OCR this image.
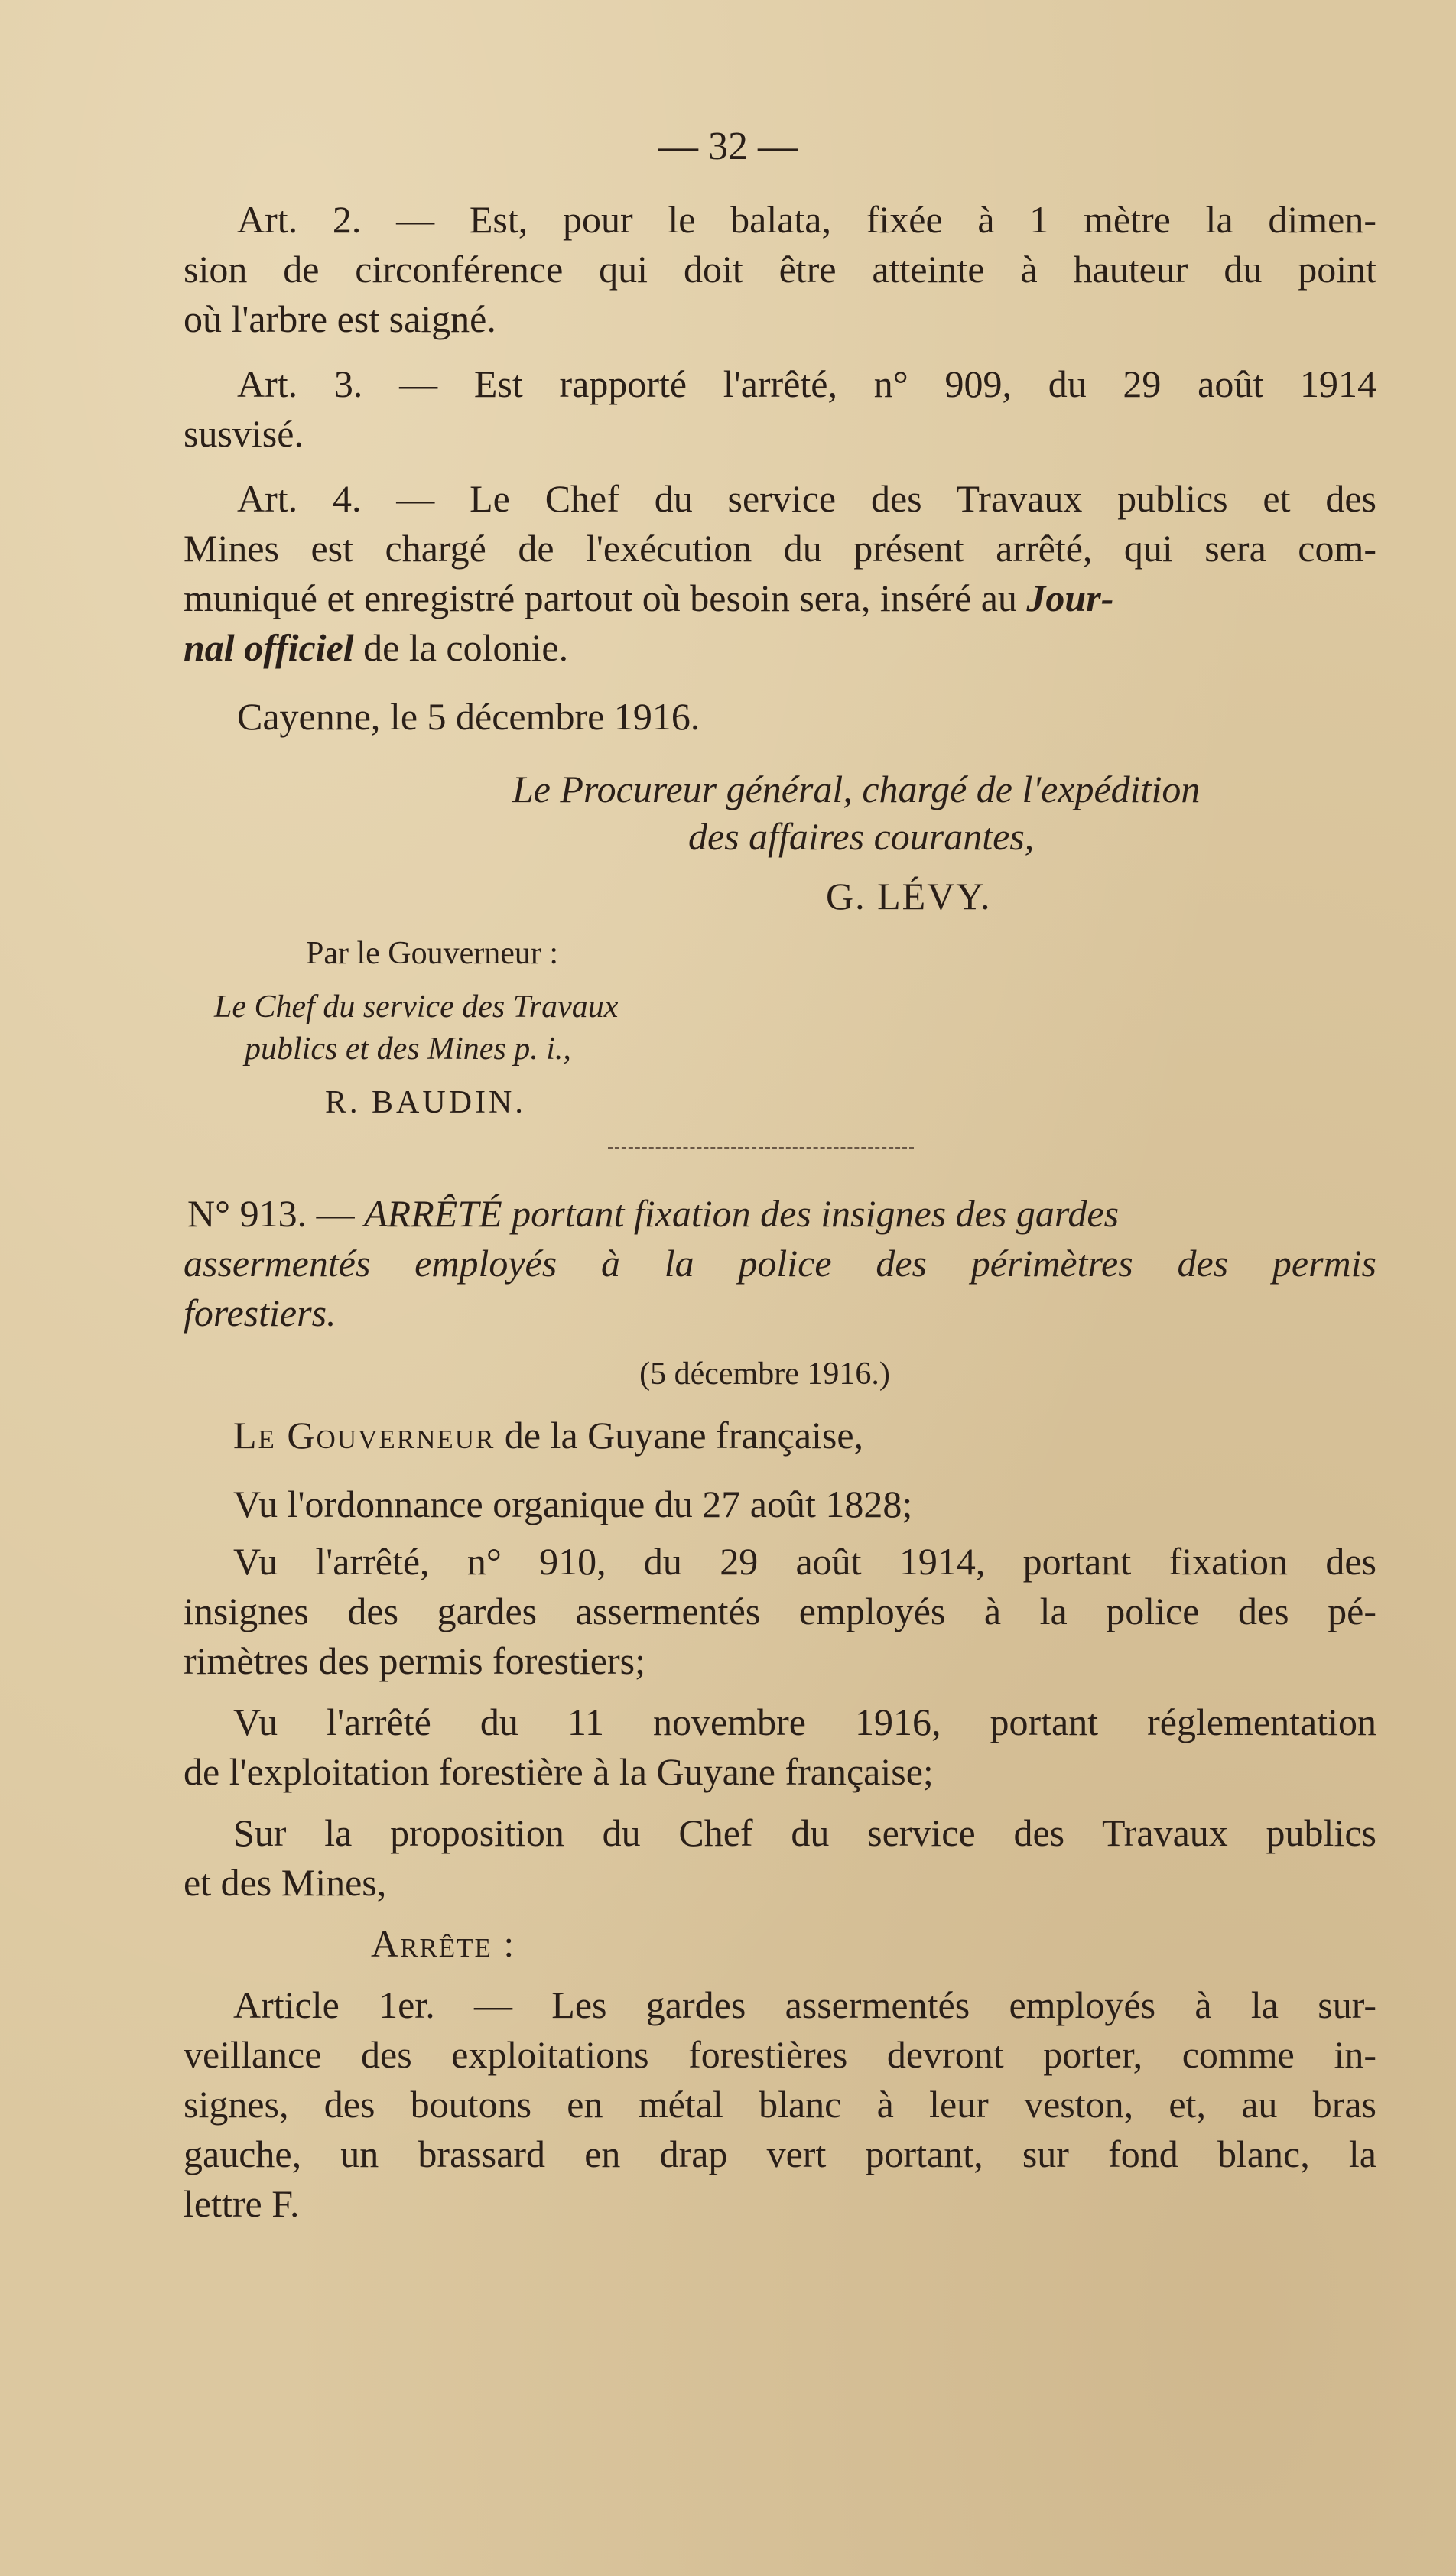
— 32 —
Art. 2. — Est, pour le balata, fixée à 1 mètre la dimen-
sion de circonférence qui doit être atteinte à hauteur du point
où l'arbre est saigné.
Art. 3. — Est rapporté l'arrêté, n° 909, du 29 août 1914
susvisé.
Art. 4. — Le Chef du service des Travaux publics et des
Mines est chargé de l'exécution du présent arrêté, qui sera com-
muniqué et enregistré partout où besoin sera, inséré au Jour-
nal officiel de la colonie.
Cayenne, le 5 décembre 1916.
Le Procureur général, chargé de l'expédition
des affaires courantes,
G. LÉVY.
Par le Gouverneur :
Le Chef du service des Travaux
publics et des Mines p. i.,
R. BAUDIN.
N° 913. — ARRÊTÉ portant fixation des insignes des gardes
assermentés employés à la police des périmètres des permis
forestiers.
(5 décembre 1916.)
Le Gouverneur de la Guyane française,
Vu l'ordonnance organique du 27 août 1828;
Vu l'arrêté, n° 910, du 29 août 1914, portant fixation des
insignes des gardes assermentés employés à la police des pé-
rimètres des permis forestiers;
Vu l'arrêté du 11 novembre 1916, portant réglementation
de l'exploitation forestière à la Guyane française;
Sur la proposition du Chef du service des Travaux publics
et des Mines,
Arrête :
Article 1er. — Les gardes assermentés employés à la sur-
veillance des exploitations forestières devront porter, comme in-
signes, des boutons en métal blanc à leur veston, et, au bras
gauche, un brassard en drap vert portant, sur fond blanc, la
lettre F.
